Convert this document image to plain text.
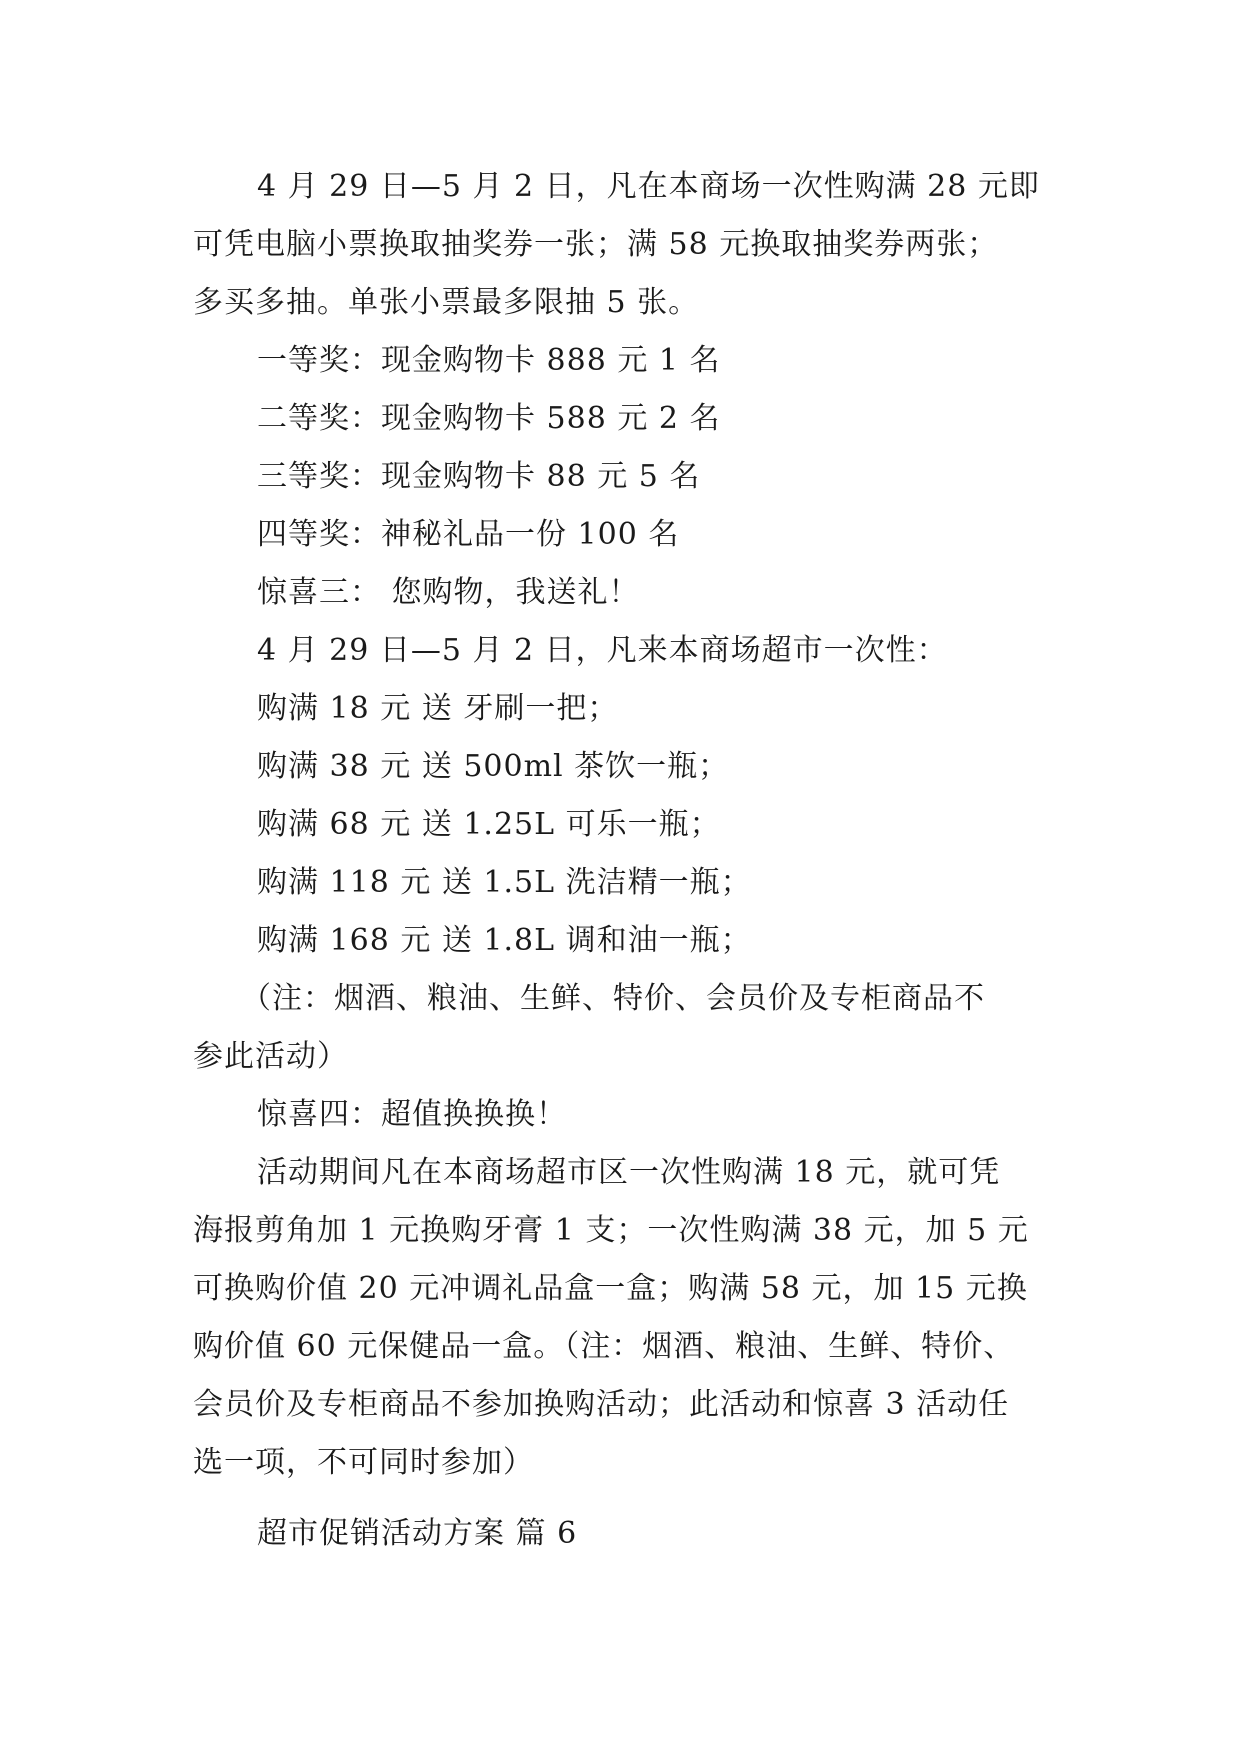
4 月 29 日—5 月 2 日，凡在本商场一次性购满 28 元即
可凭电脑小票换取抽奖券一张；满 58 元换取抽奖券两张；
多买多抽。单张小票最多限抽 5 张。
一等奖：现金购物卡 888 元 1 名
二等奖：现金购物卡 588 元 2 名
三等奖：现金购物卡 88 元 5 名
四等奖：神秘礼品一份 100 名
惊喜三： 您购物，我送礼！
4 月 29 日—5 月 2 日，凡来本商场超市一次性：
购满 18 元 送 牙刷一把；
购满 38 元 送 500ml 茶饮一瓶；
购满 68 元 送 1.25L 可乐一瓶；
购满 118 元 送 1.5L 洗洁精一瓶；
购满 168 元 送 1.8L 调和油一瓶；
（注：烟酒、粮油、生鲜、特价、会员价及专柜商品不
参此活动）
惊喜四：超值换换换！
活动期间凡在本商场超市区一次性购满 18 元，就可凭
海报剪角加 1 元换购牙膏 1 支；一次性购满 38 元，加 5 元
可换购价值 20 元冲调礼品盒一盒；购满 58 元，加 15 元换
购价值 60 元保健品一盒。（注：烟酒、粮油、生鲜、特价、
会员价及专柜商品不参加换购活动；此活动和惊喜 3 活动任
选一项，不可同时参加）
超市促销活动方案 篇 6
